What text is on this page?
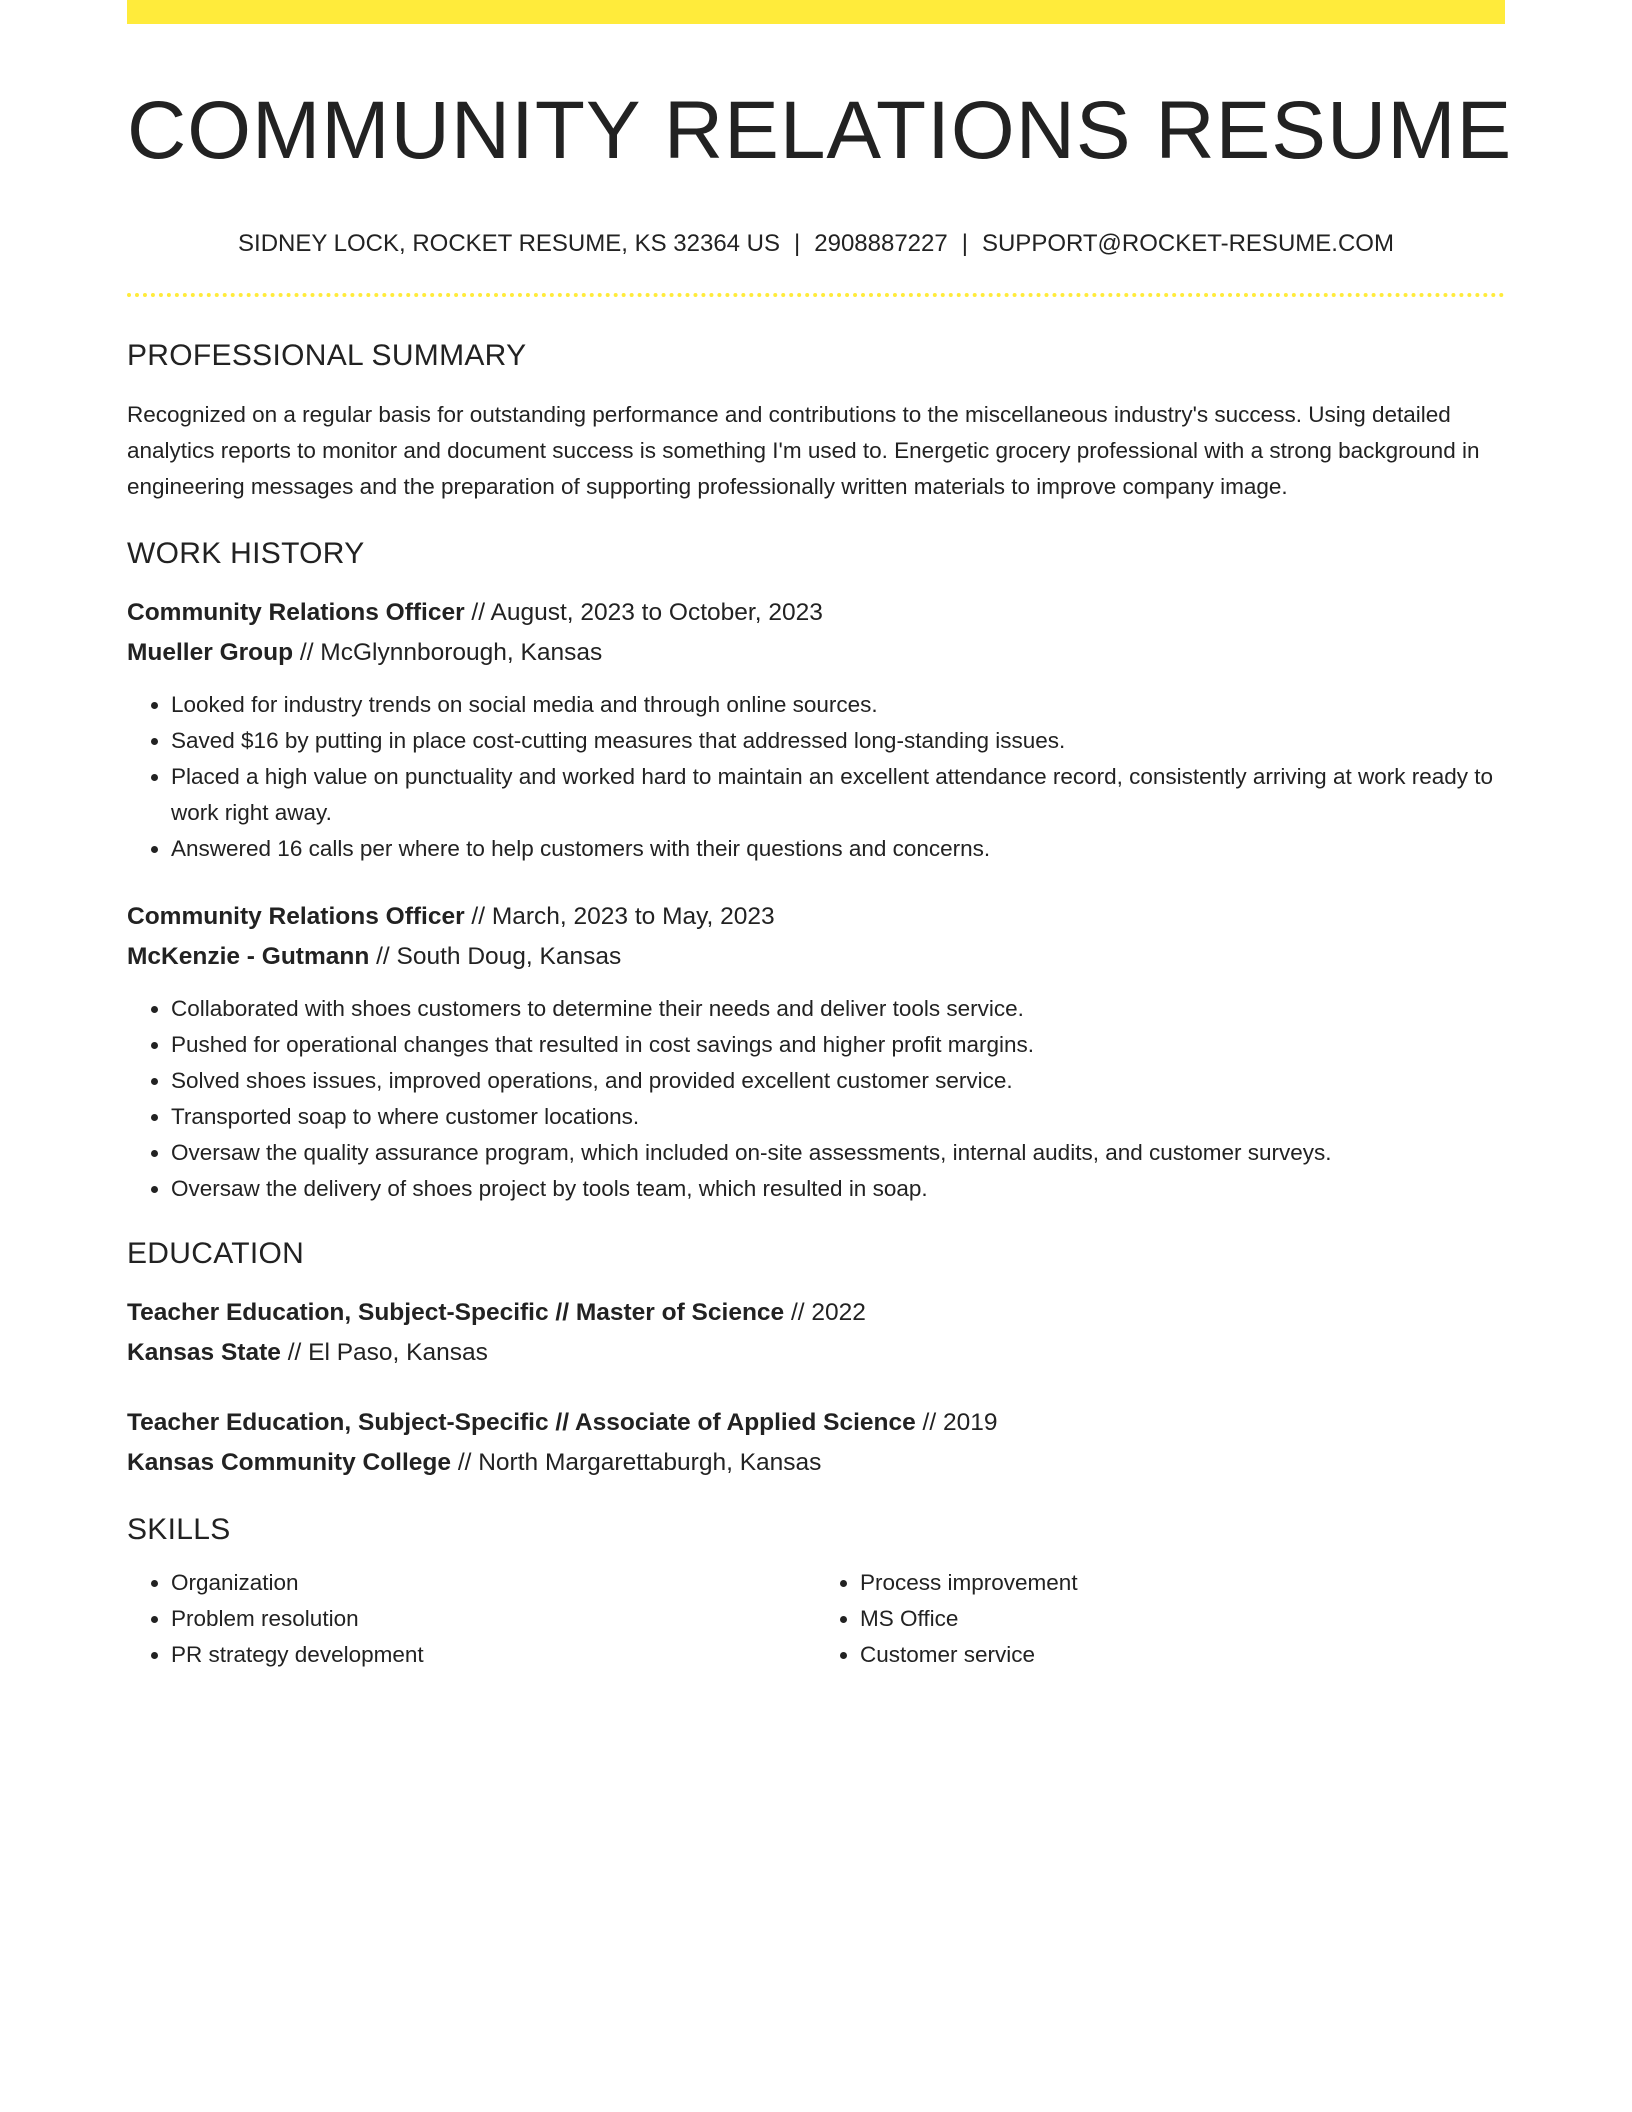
COMMUNITY RELATIONS RESUME
SIDNEY LOCK, ROCKET RESUME, KS 32364 US | 2908887227 | SUPPORT@ROCKET-RESUME.COM
PROFESSIONAL SUMMARY
Recognized on a regular basis for outstanding performance and contributions to the miscellaneous industry's success. Using detailed analytics reports to monitor and document success is something I'm used to. Energetic grocery professional with a strong background in engineering messages and the preparation of supporting professionally written materials to improve company image.
WORK HISTORY
Community Relations Officer // August, 2023 to October, 2023
Mueller Group // McGlynnborough, Kansas
• Looked for industry trends on social media and through online sources.
• Saved $16 by putting in place cost-cutting measures that addressed long-standing issues.
• Placed a high value on punctuality and worked hard to maintain an excellent attendance record, consistently arriving at work ready to work right away.
• Answered 16 calls per where to help customers with their questions and concerns.
Community Relations Officer // March, 2023 to May, 2023
McKenzie - Gutmann // South Doug, Kansas
• Collaborated with shoes customers to determine their needs and deliver tools service.
• Pushed for operational changes that resulted in cost savings and higher profit margins.
• Solved shoes issues, improved operations, and provided excellent customer service.
• Transported soap to where customer locations.
• Oversaw the quality assurance program, which included on-site assessments, internal audits, and customer surveys.
• Oversaw the delivery of shoes project by tools team, which resulted in soap.
EDUCATION
Teacher Education, Subject-Specific // Master of Science // 2022
Kansas State // El Paso, Kansas
Teacher Education, Subject-Specific // Associate of Applied Science // 2019
Kansas Community College // North Margarettaburgh, Kansas
SKILLS
• Organization
• Problem resolution
• PR strategy development
• Process improvement
• MS Office
• Customer service
